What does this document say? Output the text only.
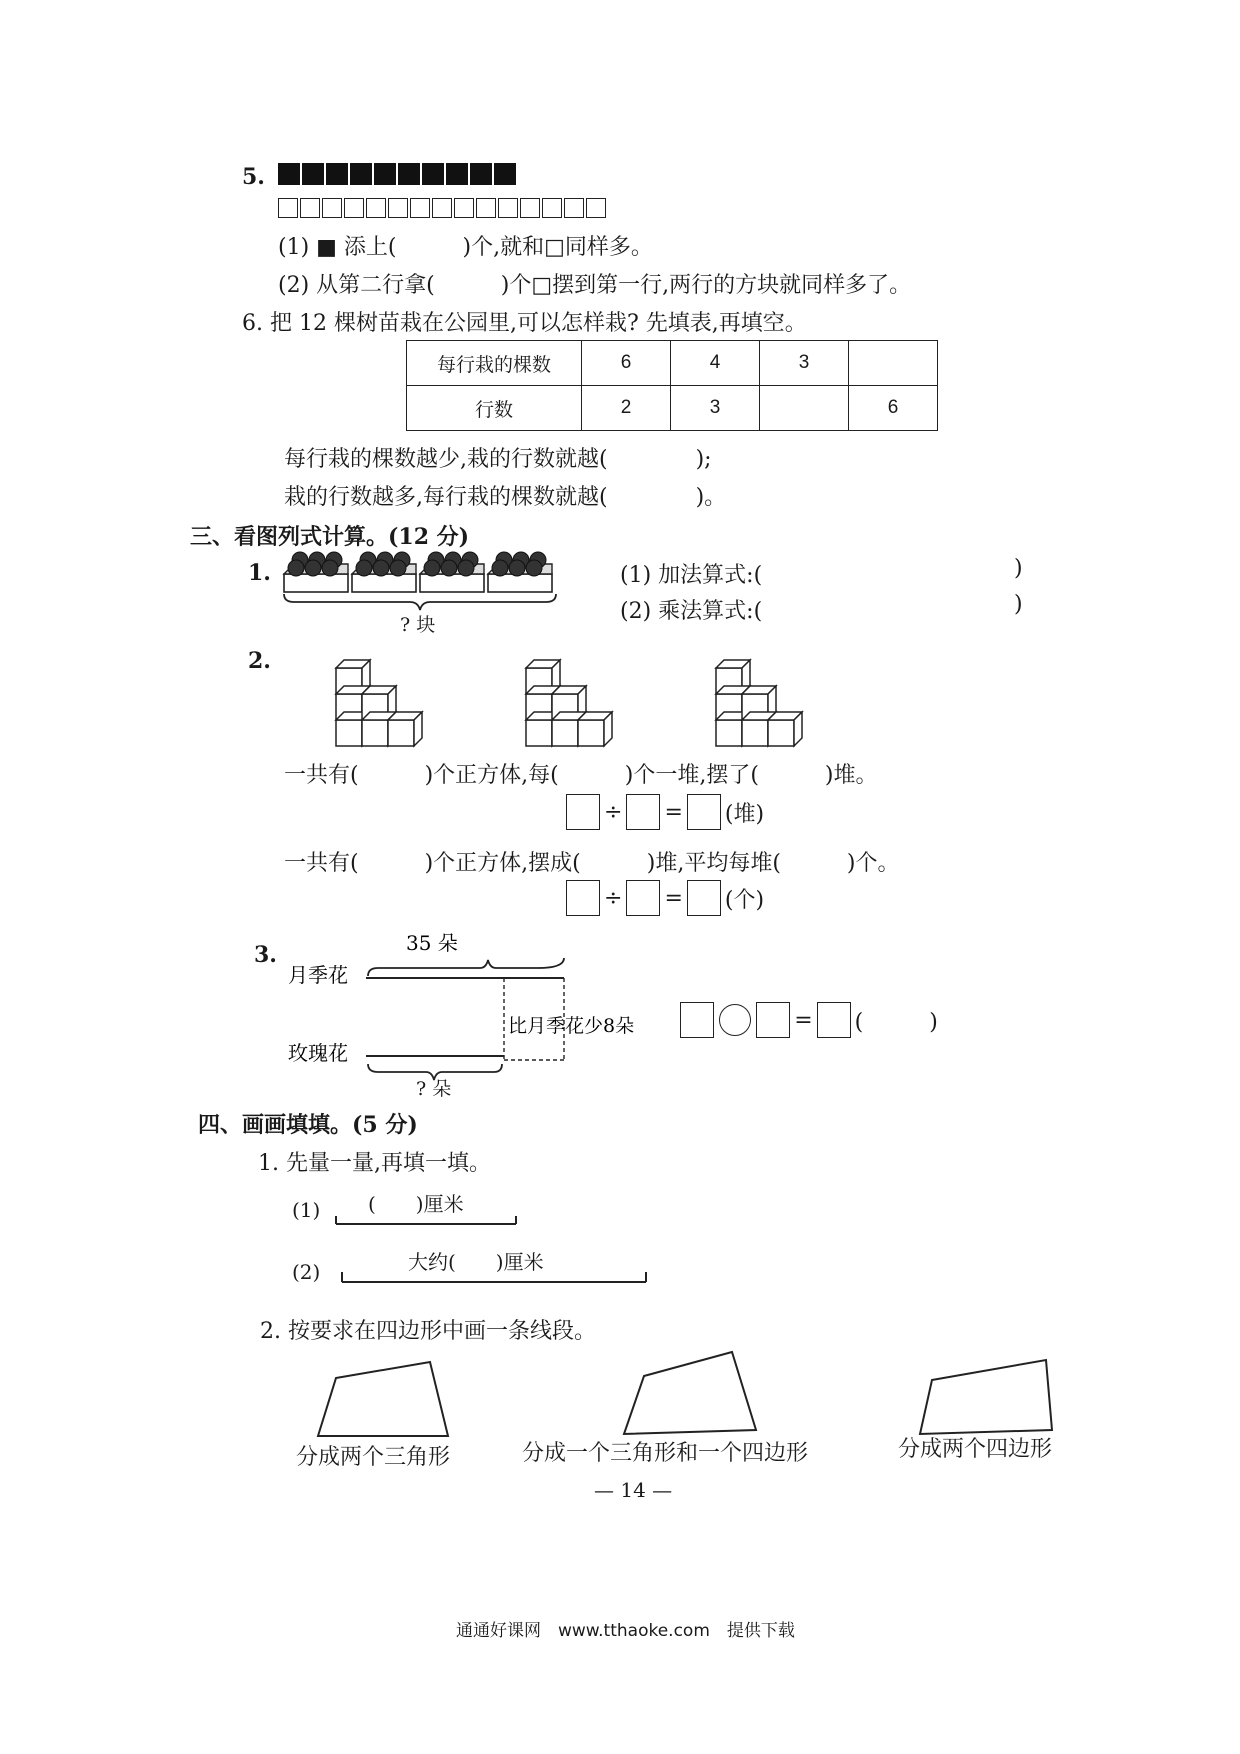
5.
(1) ■ 添上(　　　)个,就和□同样多。
(2) 从第二行拿(　　　)个□摆到第一行,两行的方块就同样多了。
6. 把 12 棵树苗栽在公园里,可以怎样栽? 先填表,再填空。
每行栽的棵数	6	4	3	
行数	2	3		6
每行栽的棵数越少,栽的行数就越(　　　　);
栽的行数越多,每行栽的棵数就越(　　　　)。
三、看图列式计算。(12 分)
1.
? 块
(1) 加法算式:(	)
(2) 乘法算式:(	)
2.
一共有(　　　)个正方体,每(　　　)个一堆,摆了(　　　)堆。
÷ = (堆)
一共有(　　　)个正方体,摆成(　　　)堆,平均每堆(　　　)个。
÷ = (个)
3.	35 朵
月季花
玫瑰花
比月季花少8朵
? 朵
= (　　　)
四、画画填填。(5 分)
1. 先量一量,再填一填。
(1) (　　)厘米
(2)	大约(　　)厘米
2. 按要求在四边形中画一条线段。
分成两个三角形	分成一个三角形和一个四边形	分成两个四边形
— 14 —
通通好课网　www.tthaoke.com　提供下载
